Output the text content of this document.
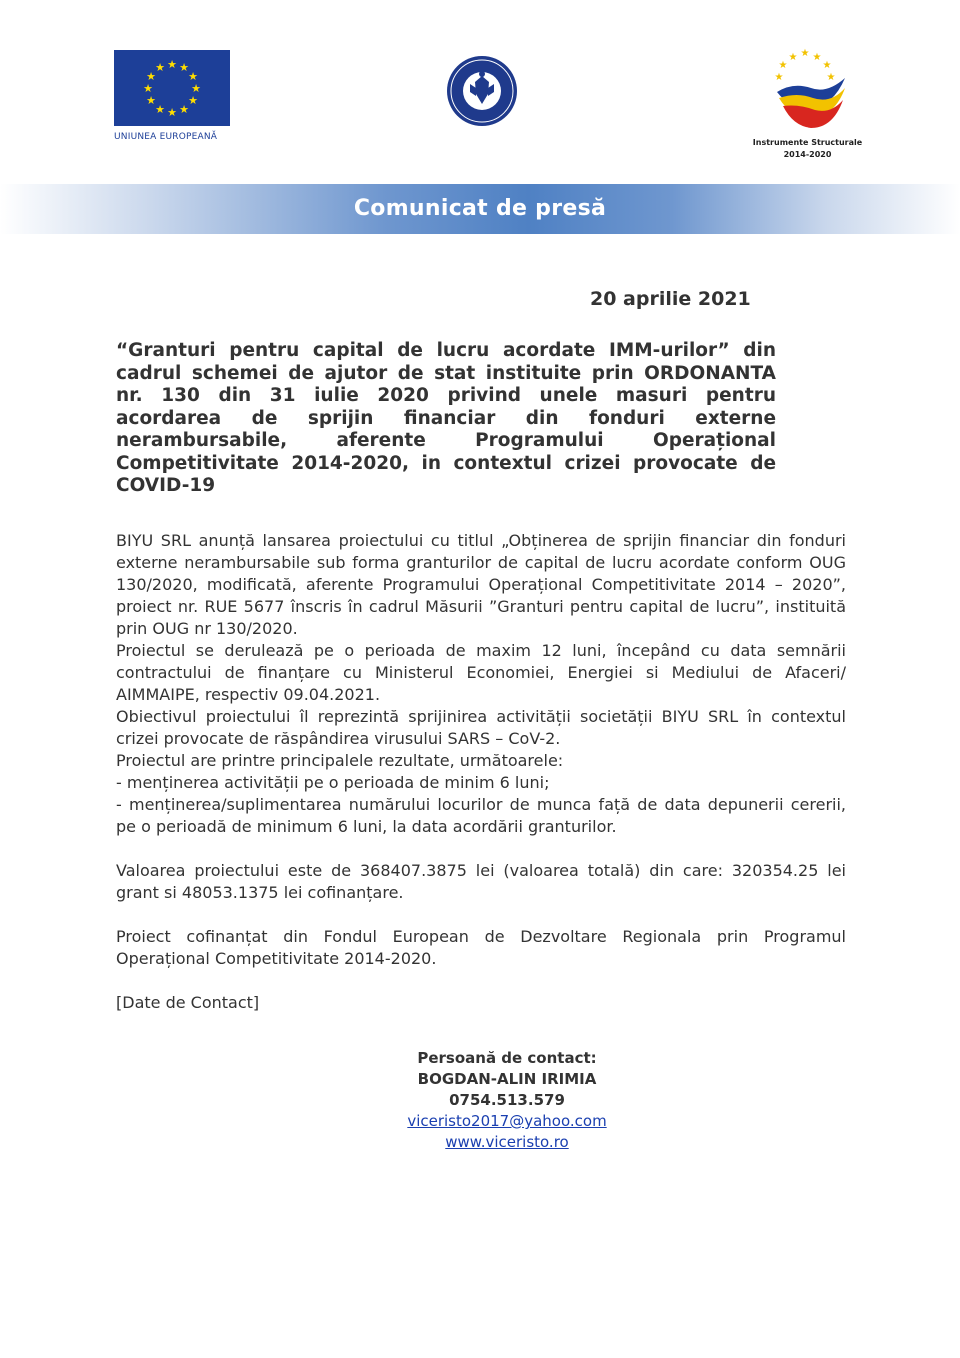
★ ★
★
★
★
★
★
★
★
★
★
★
UNIUNEA EUROPEANĂ
★
★ ★
★	★
★	★
Instrumente Structurale
2014-2020
Comunicat de presă
20 aprilie 2021
“Granturi pentru capital de lucru acordate IMM-urilor” din cadrul schemei de ajutor de stat instituite prin ORDONANTA nr. 130 din 31 iulie 2020 privind unele masuri pentru acordarea de sprijin financiar din fonduri externe nerambursabile, aferente Programului Operațional Competitivitate 2014-2020, in contextul crizei provocate de COVID-19

BIYU SRL anunță lansarea proiectului cu titlul „Obținerea de sprijin financiar din fonduri externe nerambursabile sub forma granturilor de capital de lucru acordate conform OUG 130/2020, modificată, aferente Programului Operațional Competitivitate 2014 – 2020”, proiect nr. RUE 5677 înscris în cadrul Măsurii ”Granturi pentru capital de lucru”, instituită prin OUG nr 130/2020.

Proiectul se derulează pe o perioada de maxim 12 luni, începând cu data semnării contractului de finanțare cu Ministerul Economiei, Energiei si Mediului de Afaceri/ AIMMAIPE, respectiv 09.04.2021.

Obiectivul proiectului îl reprezintă sprijinirea activității societății BIYU SRL în contextul crizei provocate de răspândirea virusului SARS – CoV-2.

Proiectul are printre principalele rezultate, următoarele:

- menținerea activității pe o perioada de minim 6 luni;

- menținerea/suplimentarea numărului locurilor de munca față de data depunerii cererii, pe o perioadă de minimum 6 luni, la data acordării granturilor.

Valoarea proiectului este de 368407.3875 lei (valoarea totală) din care: 320354.25 lei grant si 48053.1375 lei cofinanțare.

Proiect cofinanțat din Fondul European de Dezvoltare Regionala prin Programul Operațional Competitivitate 2014-2020.

[Date de Contact]

Persoană de contact:
BOGDAN-ALIN IRIMIA
0754.513.579
viceristo2017@yahoo.com
www.viceristo.ro
